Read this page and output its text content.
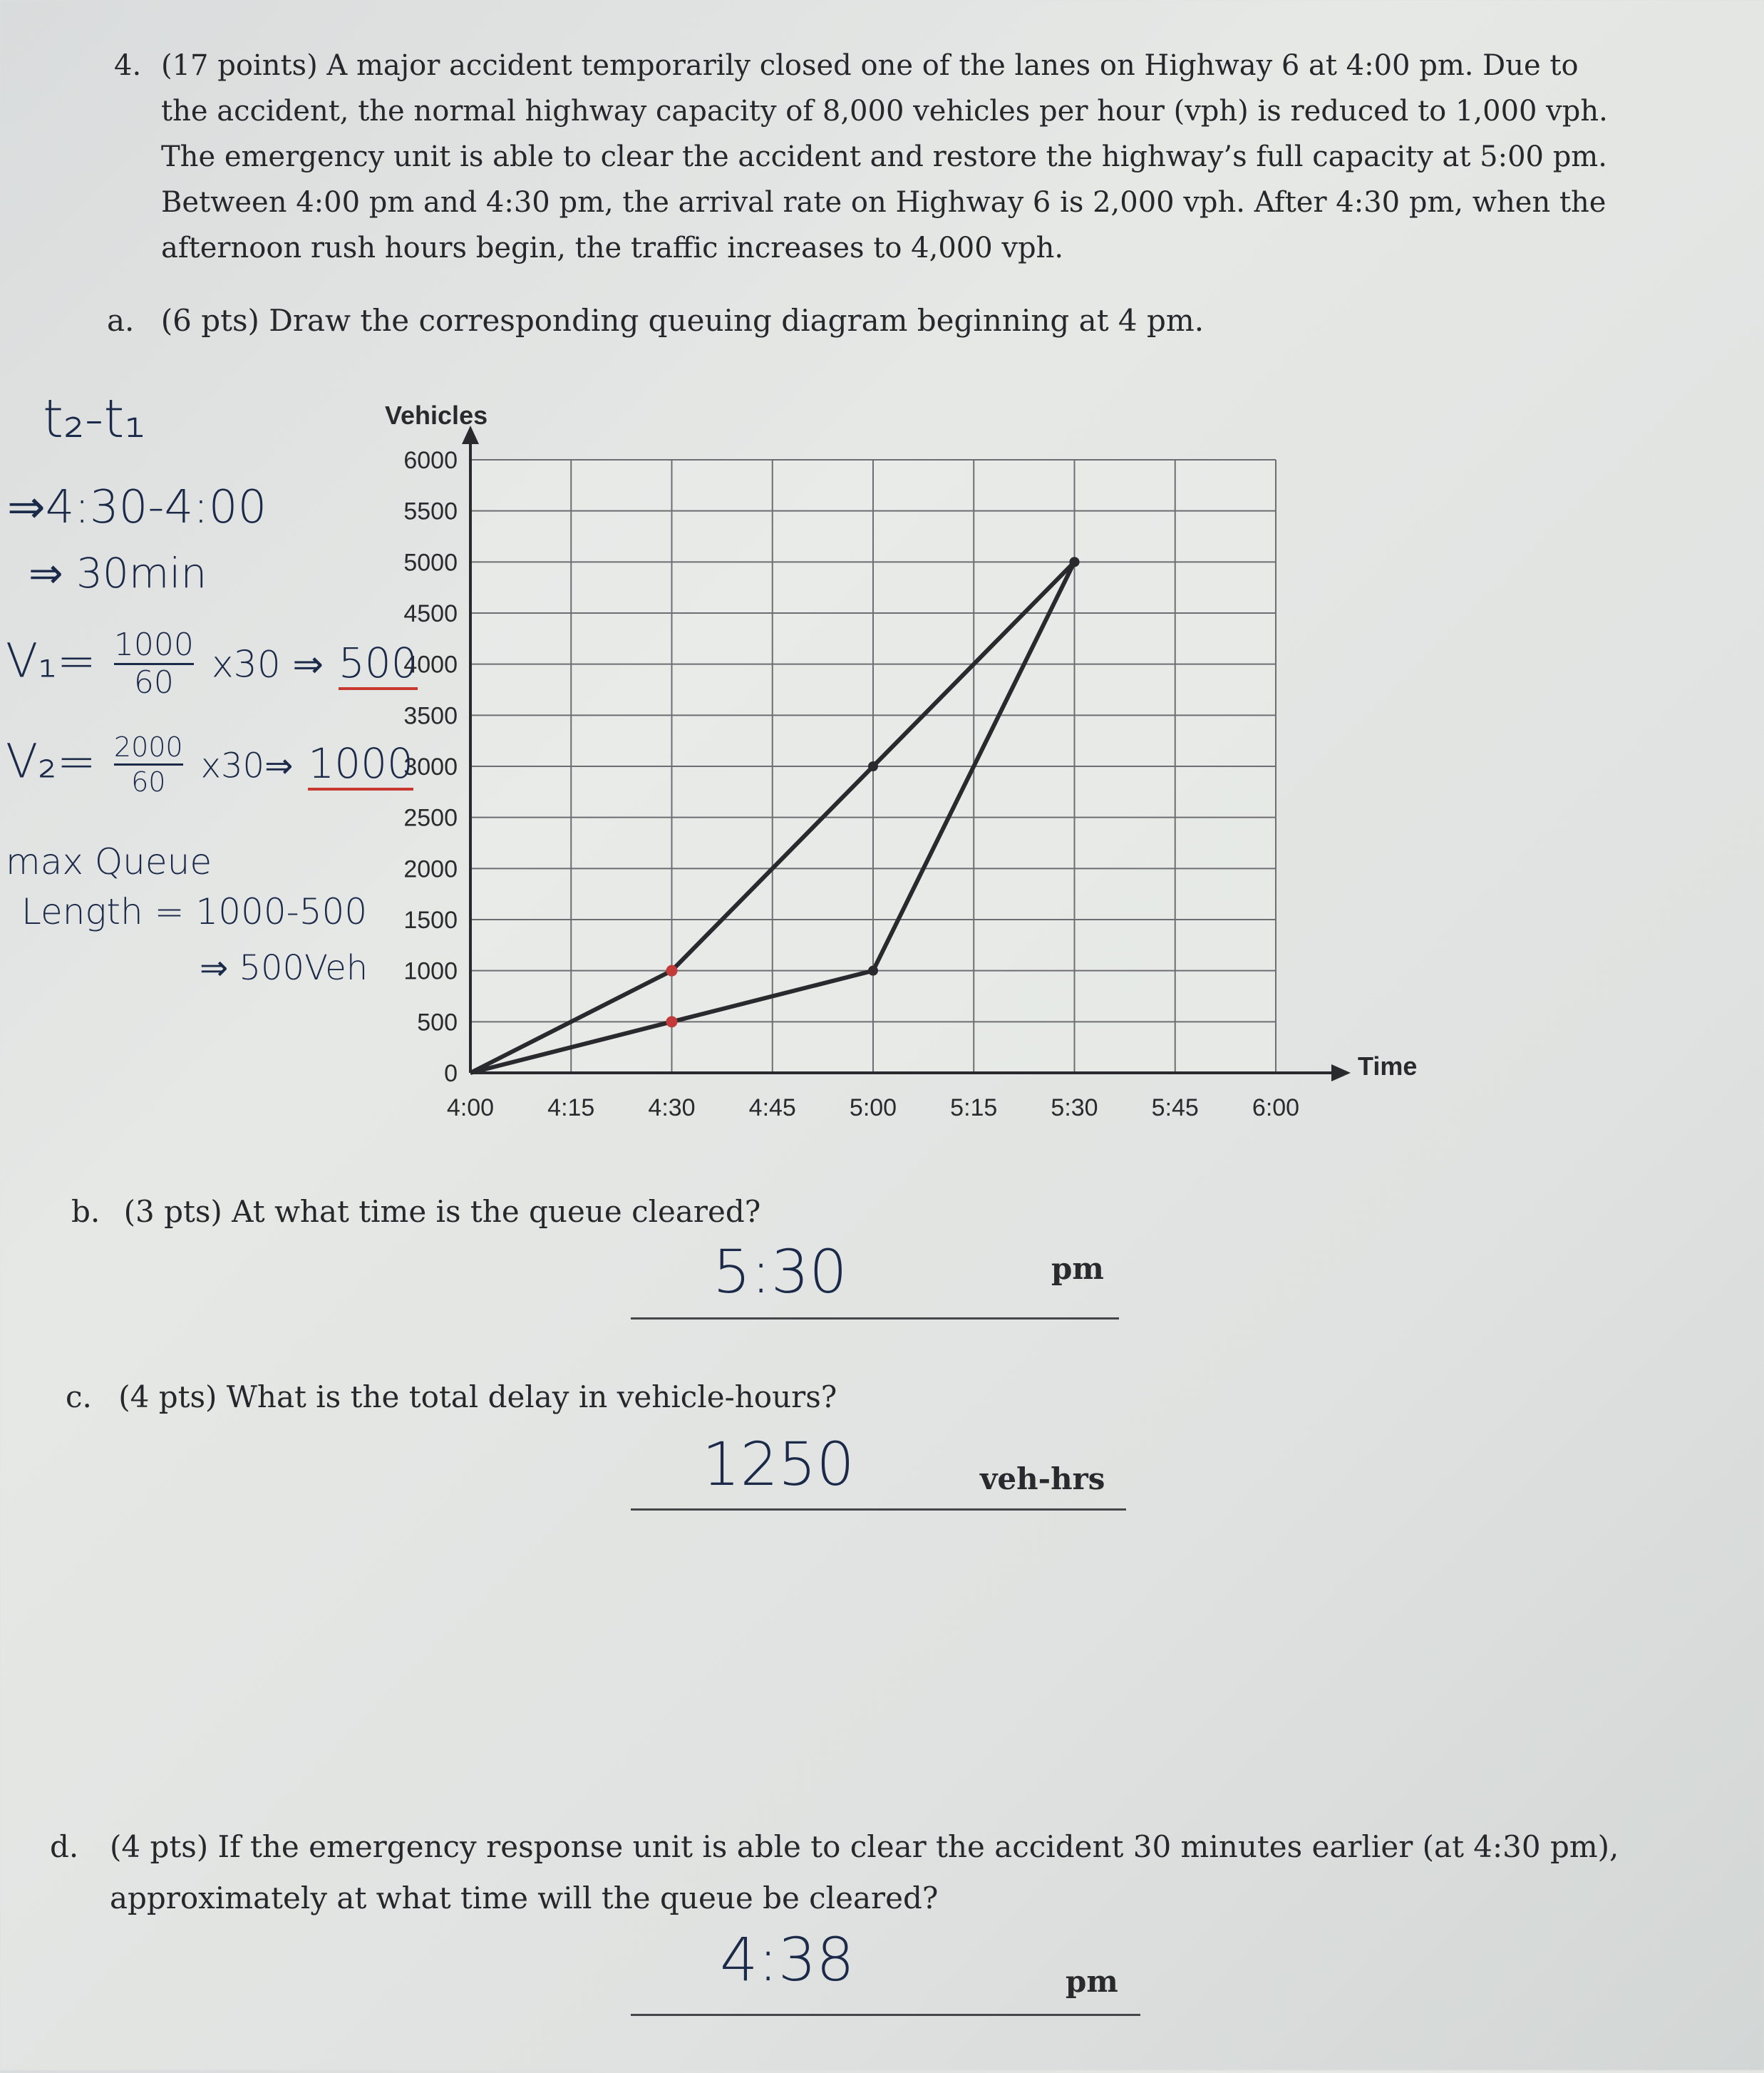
4. (17 points) A major accident temporarily closed one of the lanes on Highway 6 at 4:00 pm. Due to the accident, the normal highway capacity of 8,000 vehicles per hour (vph) is reduced to 1,000 vph. The emergency unit is able to clear the accident and restore the highway’s full capacity at 5:00 pm. Between 4:00 pm and 4:30 pm, the arrival rate on Highway 6 is 2,000 vph. After 4:30 pm, when the afternoon rush hours begin, the traffic increases to 4,000 vph.
a. (6 pts) Draw the corresponding queuing diagram beginning at 4 pm.
4:00 4:15 4:30 4:45 5:00 5:15 5:30 5:45 6:00
0
500
1000
1500
2000
2500
3000
3500
4000
4500
5000
5500
6000
Vehicles
Time
t₂-t₁
⇒4:30-4:00
⇒ 30min
$V_1= \frac{1000}{60} x30$ ⇒ 500
$V_2= \frac{2000}{60}$ x30⇒ 1000
max Queue
Length = 1000-500
⇒ 500Veh
b. (3 pts) At what time is the queue cleared?
5:30	pm
c. (4 pts) What is the total delay in vehicle-hours?
1250	veh-hrs
d. (4 pts) If the emergency response unit is able to clear the accident 30 minutes earlier (at 4:30 pm), approximately at what time will the queue be cleared?
4:38	pm
